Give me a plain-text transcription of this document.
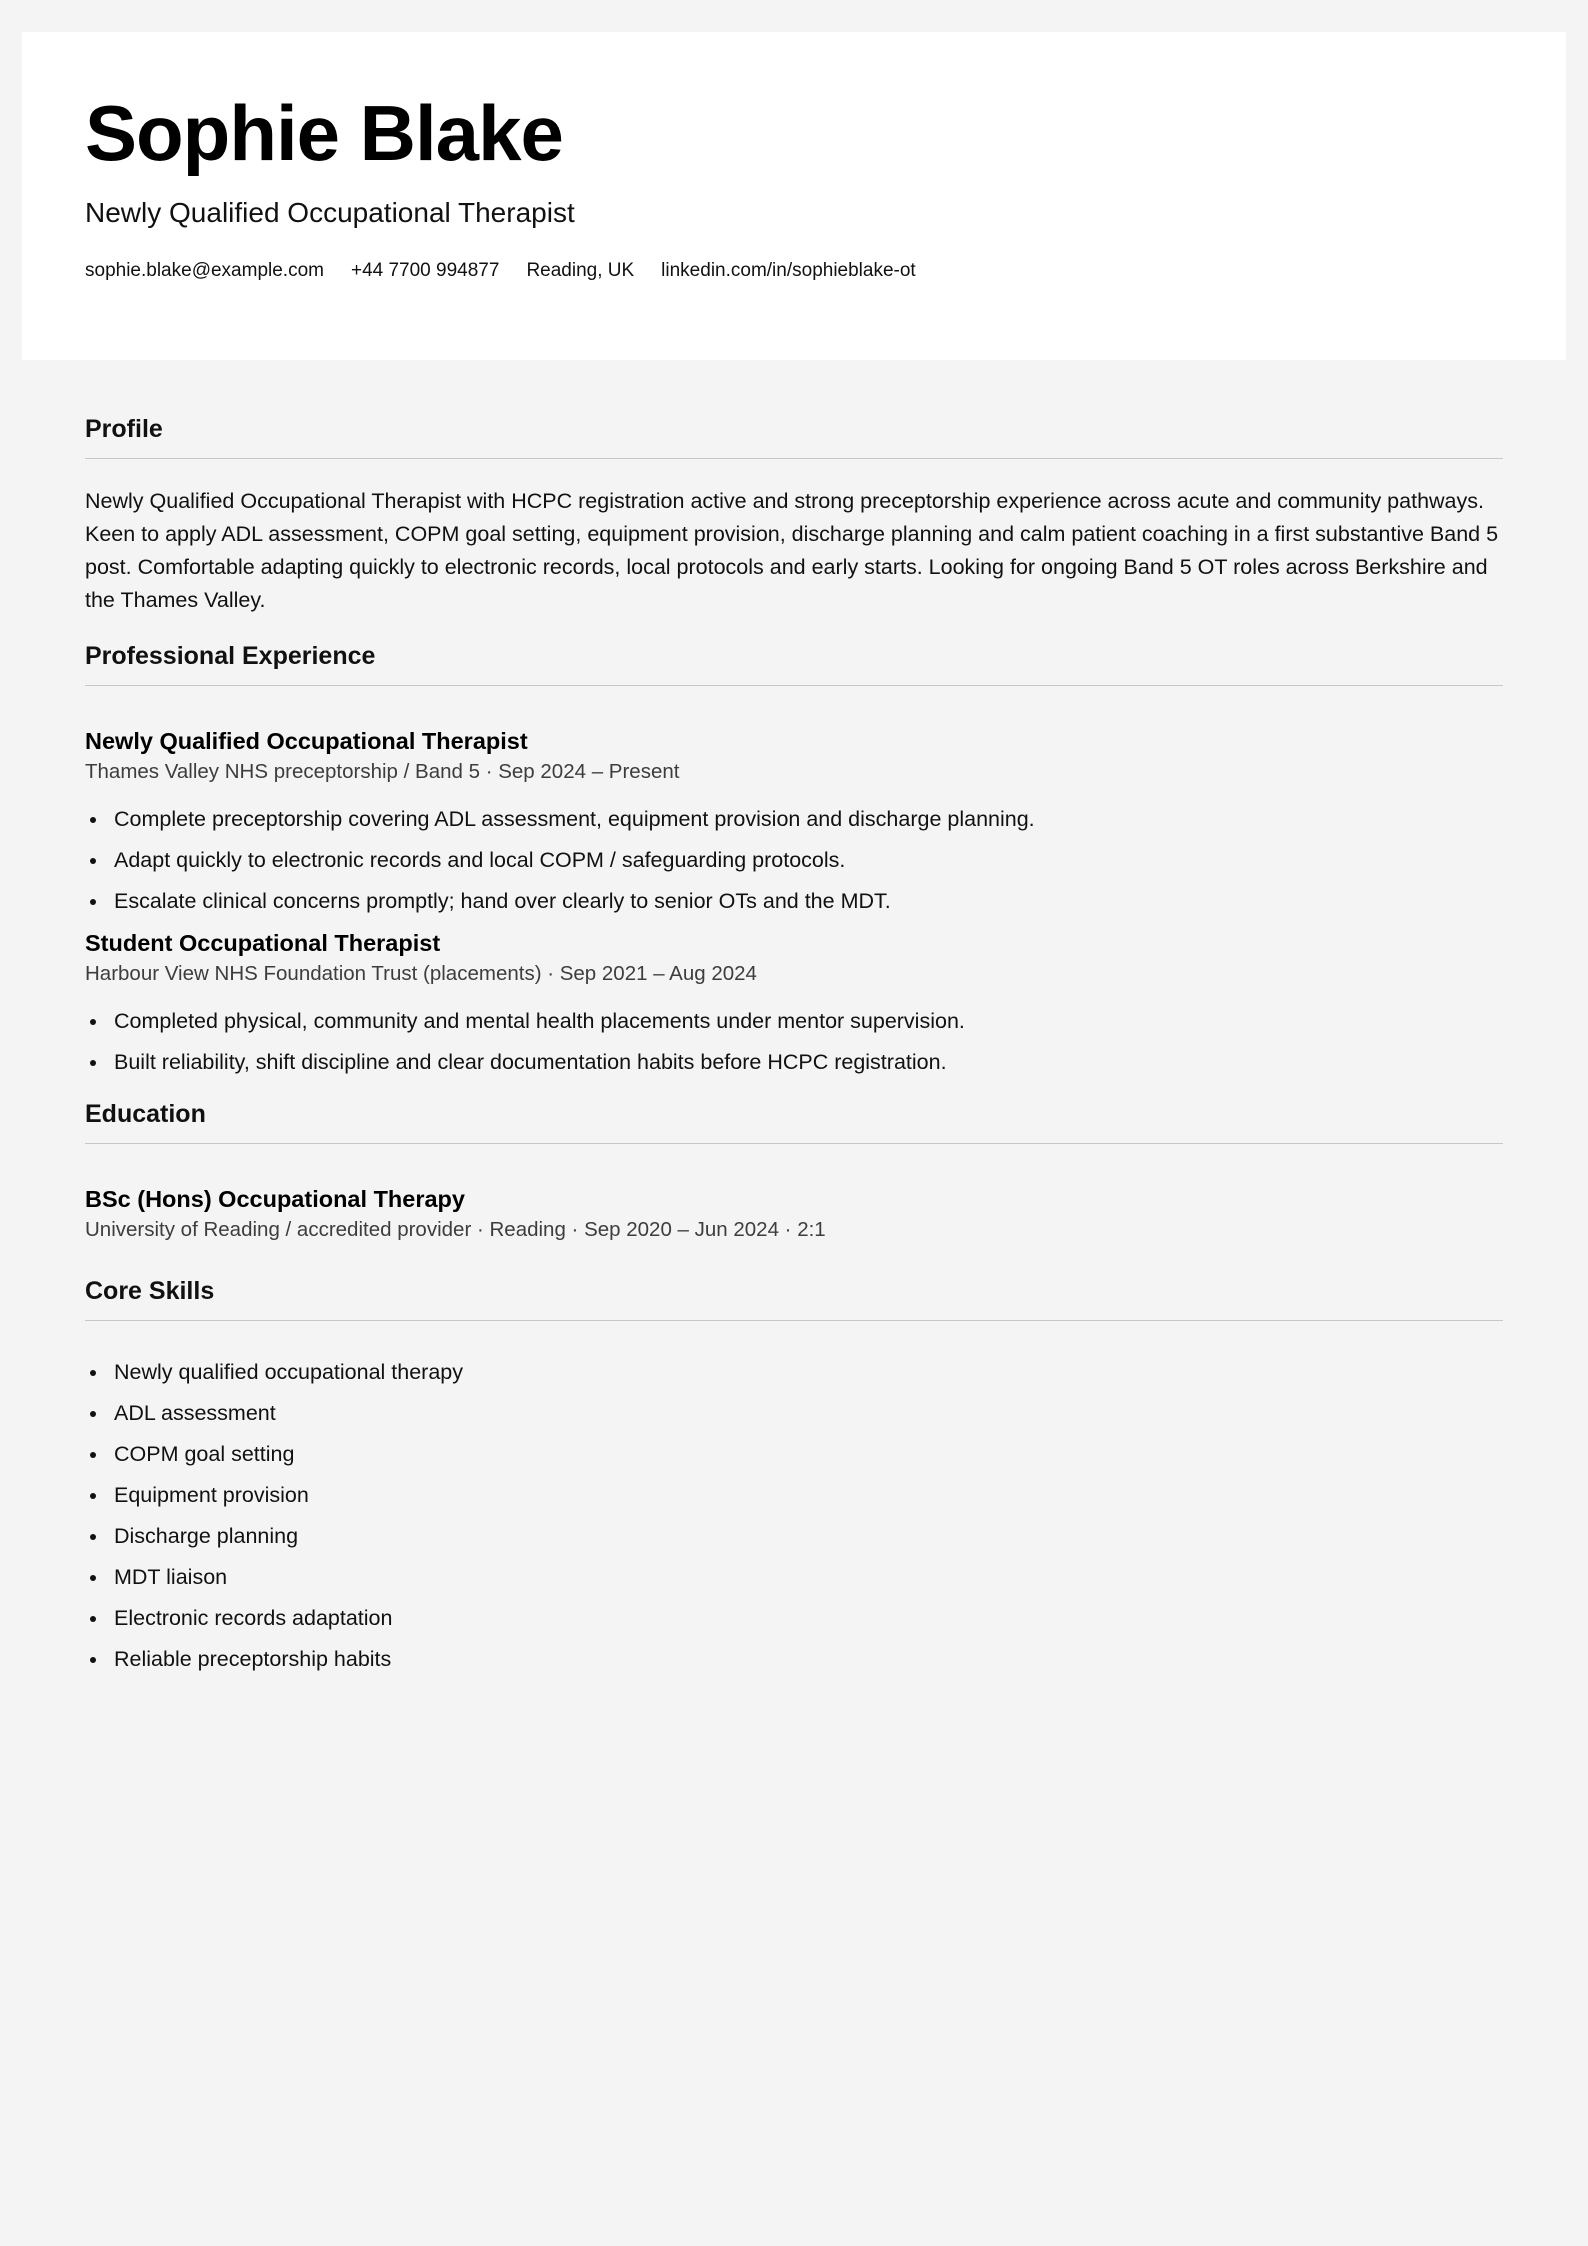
Sophie Blake

Newly Qualified Occupational Therapist

sophie.blake@example.com +44 7700 994877 Reading, UK linkedin.com/in/sophieblake-ot
Profile

Newly Qualified Occupational Therapist with HCPC registration active and strong preceptorship experience across acute and community pathways. Keen to apply ADL assessment, COPM goal setting, equipment provision, discharge planning and calm patient coaching in a first substantive Band 5 post. Comfortable adapting quickly to electronic records, local protocols and early starts. Looking for ongoing Band 5 OT roles across Berkshire and the Thames Valley.

Professional Experience
Newly Qualified Occupational Therapist

Thames Valley NHS preceptorship / Band 5 · Sep 2024 – Present

Complete preceptorship covering ADL assessment, equipment provision and discharge planning.
Adapt quickly to electronic records and local COPM / safeguarding protocols.
Escalate clinical concerns promptly; hand over clearly to senior OTs and the MDT.
Student Occupational Therapist

Harbour View NHS Foundation Trust (placements) · Sep 2021 – Aug 2024

Completed physical, community and mental health placements under mentor supervision.
Built reliability, shift discipline and clear documentation habits before HCPC registration.
Education
BSc (Hons) Occupational Therapy

University of Reading / accredited provider · Reading · Sep 2020 – Jun 2024 · 2:1

Core Skills
Newly qualified occupational therapy
ADL assessment
COPM goal setting
Equipment provision
Discharge planning
MDT liaison
Electronic records adaptation
Reliable preceptorship habits
